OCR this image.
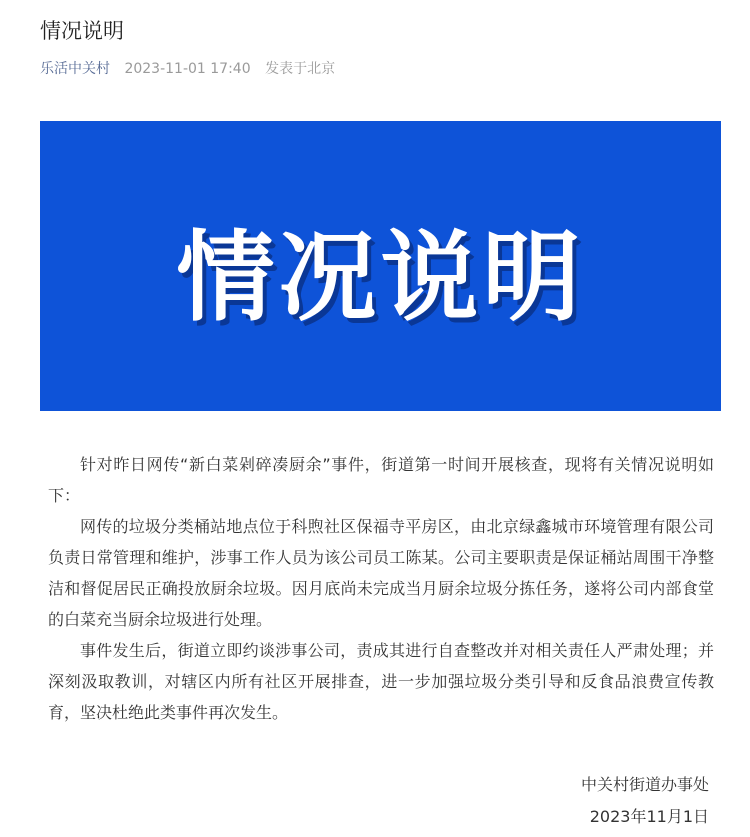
情况说明
乐活中关村 2023-11-01 17:40 发表于北京
情况说明

针对昨日网传“新白菜剁碎凑厨余”事件，街道第一时间开展核查，现将有关情况说明如下：

网传的垃圾分类桶站地点位于科煦社区保福寺平房区，由北京绿鑫城市环境管理有限公司负责日常管理和维护，涉事工作人员为该公司员工陈某。公司主要职责是保证桶站周围干净整洁和督促居民正确投放厨余垃圾。因月底尚未完成当月厨余垃圾分拣任务，遂将公司内部食堂的白菜充当厨余垃圾进行处理。

事件发生后，街道立即约谈涉事公司，责成其进行自查整改并对相关责任人严肃处理；并深刻汲取教训，对辖区内所有社区开展排查，进一步加强垃圾分类引导和反食品浪费宣传教育，坚决杜绝此类事件再次发生。

中关村街道办事处
2023年11月1日
